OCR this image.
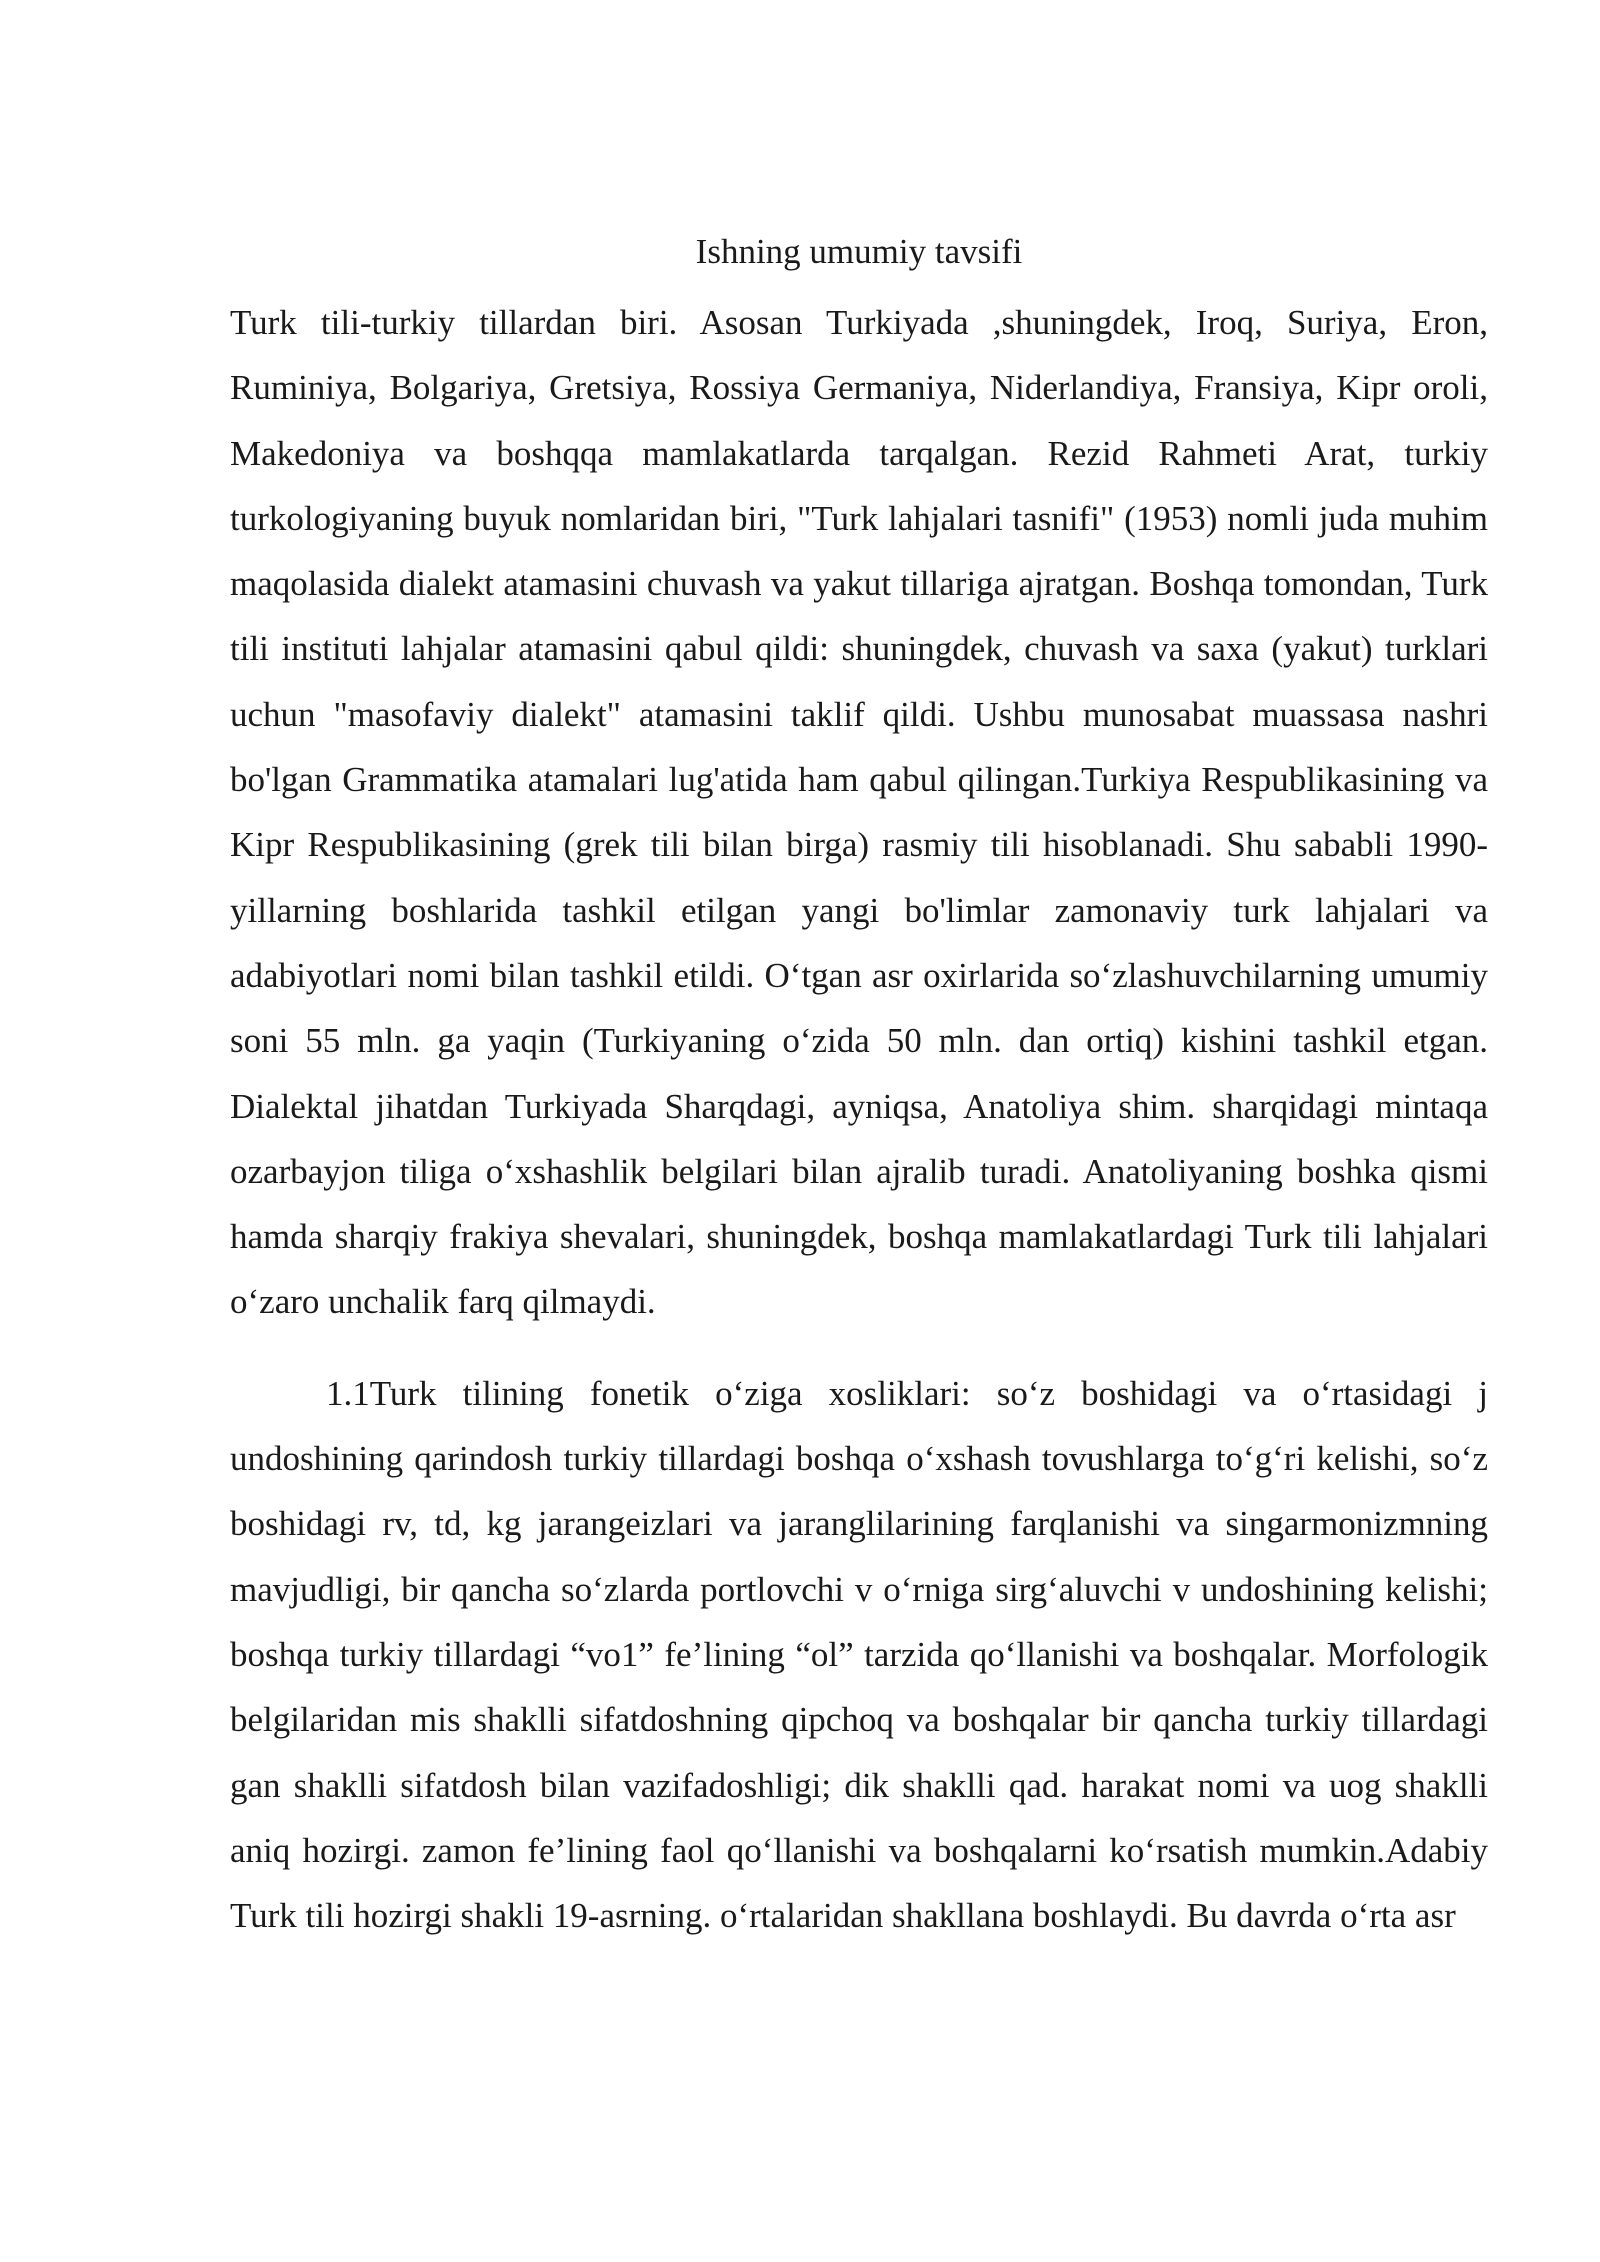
Ishning umumiy tavsifi

Turk tili-turkiy tillardan biri. Asosan Turkiyada ,shuningdek, Iroq, Suriya, Eron, Ruminiya, Bolgariya, Gretsiya, Rossiya Germaniya, Niderlandiya, Fransiya, Kipr oroli, Makedoniya va boshqqa mamlakatlarda tarqalgan. Rezid Rahmeti Arat, turkiy turkologiyaning buyuk nomlaridan biri, "Turk lahjalari tasnifi" (1953) nomli juda muhim maqolasida dialekt atamasini chuvash va yakut tillariga ajratgan. Boshqa tomondan, Turk tili instituti lahjalar atamasini qabul qildi: shuningdek, chuvash va saxa (yakut) turklari uchun "masofaviy dialekt" atamasini taklif qildi. Ushbu munosabat muassasa nashri bo'lgan Grammatika atamalari lug'atida ham qabul qilingan.Turkiya Respublikasining va Kipr Respublikasining (grek tili bilan birga) rasmiy tili hisoblanadi. Shu sababli 1990-yillarning boshlarida tashkil etilgan yangi bo'limlar zamonaviy turk lahjalari va adabiyotlari nomi bilan tashkil etildi. O‘tgan asr oxirlarida so‘zlashuvchilarning umumiy soni 55 mln. ga yaqin (Turkiyaning o‘zida 50 mln. dan ortiq) kishini tashkil etgan. Dialektal jihatdan Turkiyada Sharqdagi, ayniqsa, Anatoliya shim. sharqidagi mintaqa ozarbayjon tiliga o‘xshashlik belgilari bilan ajralib turadi. Anatoliyaning boshka qismi hamda sharqiy frakiya shevalari, shuningdek, boshqa mamlakatlardagi Turk tili lahjalari o‘zaro unchalik farq qilmaydi.

1.1Turk tilining fonetik o‘ziga xosliklari: so‘z boshidagi va o‘rtasidagi j undoshining qarindosh turkiy tillardagi boshqa o‘xshash tovushlarga to‘g‘ri kelishi, so‘z boshidagi rv, td, kg jarangeizlari va jaranglilarining farqlanishi va singarmonizmning mavjudligi, bir qancha so‘zlarda portlovchi v o‘rniga sirg‘aluvchi v undoshining kelishi; boshqa turkiy tillardagi “vo1” fe’lining “ol” tarzida qo‘llanishi va boshqalar. Morfologik belgilaridan mis shaklli sifatdoshning qipchoq va boshqalar bir qancha turkiy tillardagi gan shaklli sifatdosh bilan vazifadoshligi; dik shaklli qad. harakat nomi va uog shaklli aniq hozirgi. zamon fe’lining faol qo‘llanishi va boshqalarni ko‘rsatish mumkin.Adabiy Turk tili hozirgi shakli 19-asrning. o‘rtalaridan shakllana boshlaydi. Bu davrda o‘rta asr
